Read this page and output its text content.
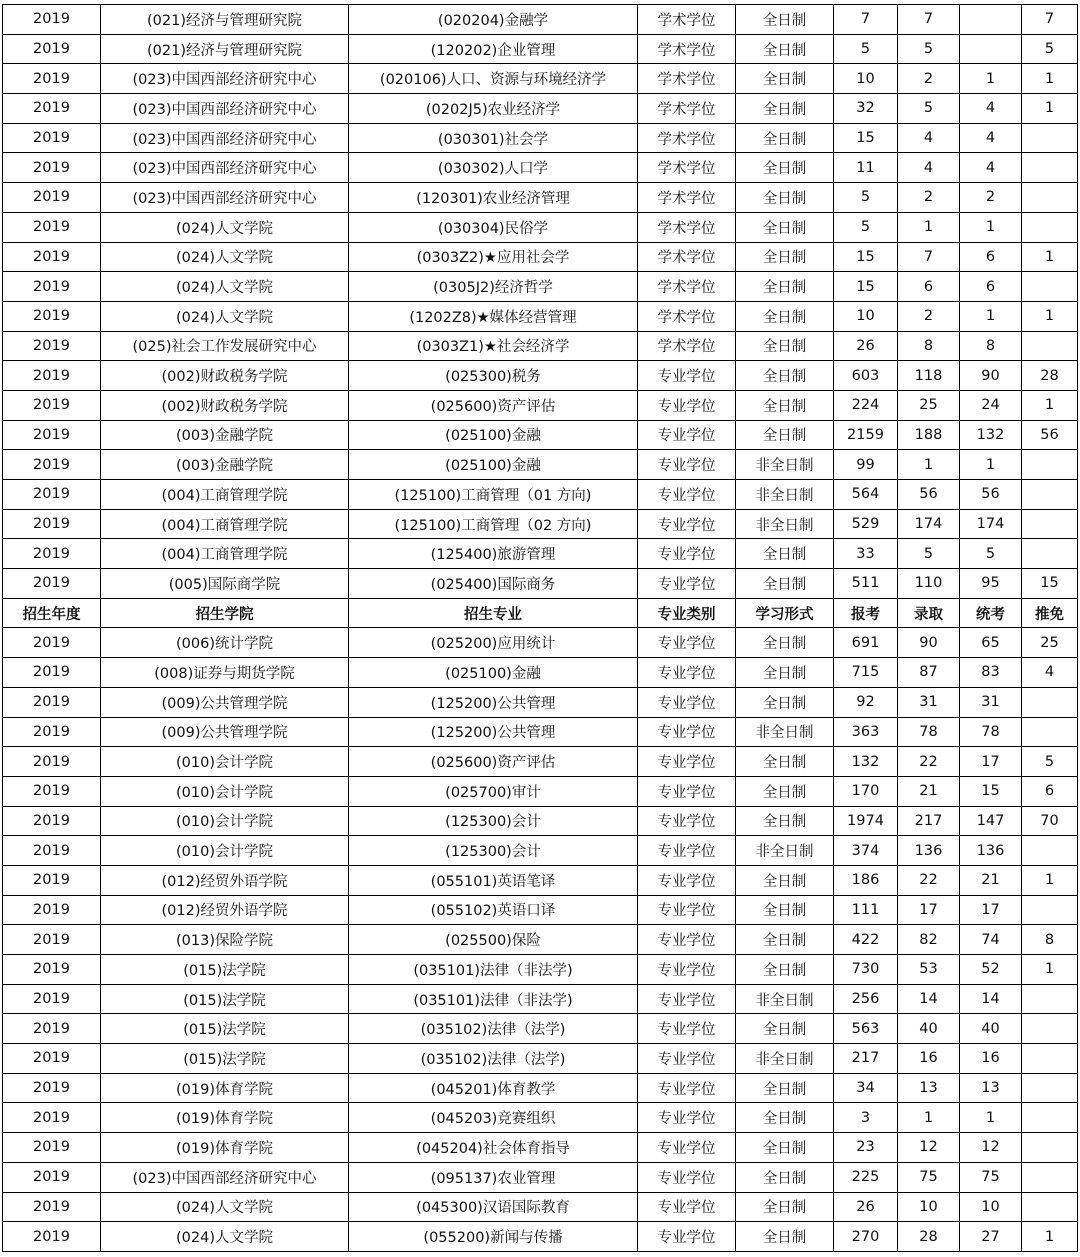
2019	(021)经济与管理研究院	(020204)金融学	学术学位	全日制	7	7		7
2019	(021)经济与管理研究院	(120202)企业管理	学术学位	全日制	5	5		5
2019	(023)中国西部经济研究中心	(020106)人口、资源与环境经济学	学术学位	全日制	10	2	1	1
2019	(023)中国西部经济研究中心	(0202J5)农业经济学	学术学位	全日制	32	5	4	1
2019	(023)中国西部经济研究中心	(030301)社会学	学术学位	全日制	15	4	4	
2019	(023)中国西部经济研究中心	(030302)人口学	学术学位	全日制	11	4	4	
2019	(023)中国西部经济研究中心	(120301)农业经济管理	学术学位	全日制	5	2	2	
2019	(024)人文学院	(030304)民俗学	学术学位	全日制	5	1	1	
2019	(024)人文学院	(0303Z2)★应用社会学	学术学位	全日制	15	7	6	1
2019	(024)人文学院	(0305J2)经济哲学	学术学位	全日制	15	6	6	
2019	(024)人文学院	(1202Z8)★媒体经营管理	学术学位	全日制	10	2	1	1
2019	(025)社会工作发展研究中心	(0303Z1)★社会经济学	学术学位	全日制	26	8	8	
2019	(002)财政税务学院	(025300)税务	专业学位	全日制	603	118	90	28
2019	(002)财政税务学院	(025600)资产评估	专业学位	全日制	224	25	24	1
2019	(003)金融学院	(025100)金融	专业学位	全日制	2159	188	132	56
2019	(003)金融学院	(025100)金融	专业学位	非全日制	99	1	1	
2019	(004)工商管理学院	(125100)工商管理（01 方向)	专业学位	非全日制	564	56	56	
2019	(004)工商管理学院	(125100)工商管理（02 方向)	专业学位	非全日制	529	174	174	
2019	(004)工商管理学院	(125400)旅游管理	专业学位	全日制	33	5	5	
2019	(005)国际商学院	(025400)国际商务	专业学位	全日制	511	110	95	15
招生年度	招生学院	招生专业	专业类别	学习形式	报考	录取	统考	推免
2019	(006)统计学院	(025200)应用统计	专业学位	全日制	691	90	65	25
2019	(008)证券与期货学院	(025100)金融	专业学位	全日制	715	87	83	4
2019	(009)公共管理学院	(125200)公共管理	专业学位	全日制	92	31	31	
2019	(009)公共管理学院	(125200)公共管理	专业学位	非全日制	363	78	78	
2019	(010)会计学院	(025600)资产评估	专业学位	全日制	132	22	17	5
2019	(010)会计学院	(025700)审计	专业学位	全日制	170	21	15	6
2019	(010)会计学院	(125300)会计	专业学位	全日制	1974	217	147	70
2019	(010)会计学院	(125300)会计	专业学位	非全日制	374	136	136	
2019	(012)经贸外语学院	(055101)英语笔译	专业学位	全日制	186	22	21	1
2019	(012)经贸外语学院	(055102)英语口译	专业学位	全日制	111	17	17	
2019	(013)保险学院	(025500)保险	专业学位	全日制	422	82	74	8
2019	(015)法学院	(035101)法律（非法学)	专业学位	全日制	730	53	52	1
2019	(015)法学院	(035101)法律（非法学)	专业学位	非全日制	256	14	14	
2019	(015)法学院	(035102)法律（法学)	专业学位	全日制	563	40	40	
2019	(015)法学院	(035102)法律（法学)	专业学位	非全日制	217	16	16	
2019	(019)体育学院	(045201)体育教学	专业学位	全日制	34	13	13	
2019	(019)体育学院	(045203)竞赛组织	专业学位	全日制	3	1	1	
2019	(019)体育学院	(045204)社会体育指导	专业学位	全日制	23	12	12	
2019	(023)中国西部经济研究中心	(095137)农业管理	专业学位	全日制	225	75	75	
2019	(024)人文学院	(045300)汉语国际教育	专业学位	全日制	26	10	10	
2019	(024)人文学院	(055200)新闻与传播	专业学位	全日制	270	28	27	1
